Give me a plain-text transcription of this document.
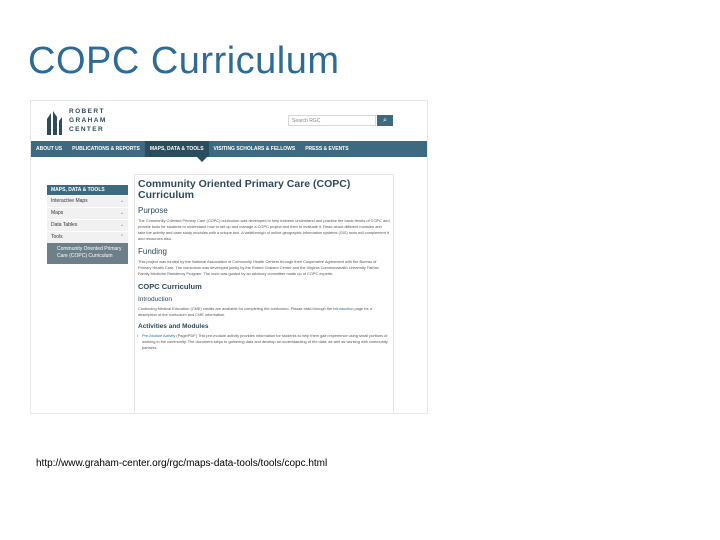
COPC Curriculum
ROBERT
GRAHAM
CENTER
Search RGC	⌕
ABOUT US	PUBLICATIONS & REPORTS	MAPS, DATA & TOOLS	VISITING SCHOLARS & FELLOWS	PRESS & EVENTS
MAPS, DATA & TOOLS
Interactive Maps	⌄
Maps	⌄
Data Tables	⌄
Tools	⌃
Community Oriented Primary Care (COPC) Curriculum
Community Oriented Primary Care (COPC) Curriculum
Purpose
The Community Oriented Primary Care (COPC) curriculum was developed to help trainees understand and practice the basic tenets of COPC and provide tools for students to understand how to set up and manage a COPC project and then to evaluate it. Read about different modules and take the activity and case study modules with a unique tool. A walkthrough of online geographic information systems (GIS) tools will complement it and resources also.
Funding
This project was funded by the National Association of Community Health Centers through their Cooperative Agreement with the Bureau of Primary Health Care. The curriculum was developed jointly by the Robert Graham Center and the Virginia Commonwealth University Fairfax Family Medicine Residency Program. The work was guided by an advisory committee made up of COPC experts.
COPC Curriculum
Introduction
Continuing Medical Education (CME) credits are available for completing the curriculum. Please read through the introduction page for a description of the curriculum and CME information.
Activities and Modules
• Pre-Module Activity (Page/PDF) This pre-module activity provides information for students to help them gain experience using small portions of working in the community. The document steps to gathering data and develop an understanding of the data, as well as working with community partners.
http://www.graham-center.org/rgc/maps-data-tools/tools/copc.html
